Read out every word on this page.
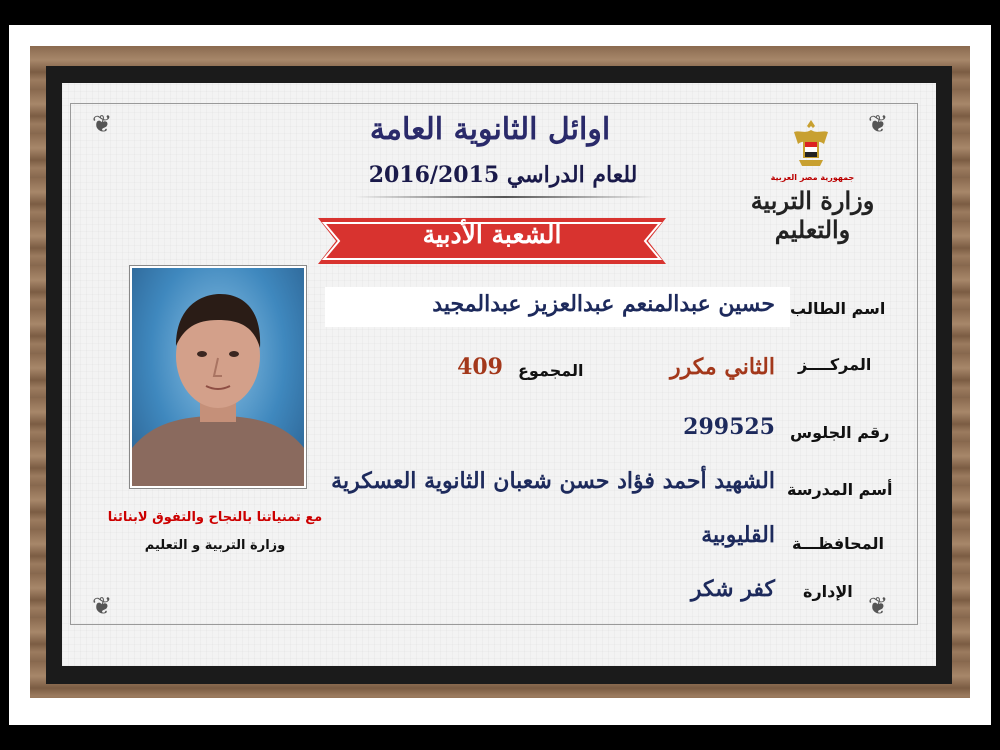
❦	❦
❦	❦
اوائل الثانوية العامة
للعام الدراسي 2016/2015
الشعبة الأدبية
جمهورية مصر العربية
وزارة التربية والتعليم
اسم الطالب
حسين عبدالمنعم عبدالعزيز عبدالمجيد
المركــــز
الثاني مكرر
المجموع
409
رقم الجلوس
299525
أسم المدرسة
الشهيد أحمد فؤاد حسن شعبان الثانوية العسكرية
المحافظـــة
القليوبية
الإدارة
كفر شكر
مع تمنياتنا بالنجاح والتفوق لابنائنا
وزارة التربية و التعليم
